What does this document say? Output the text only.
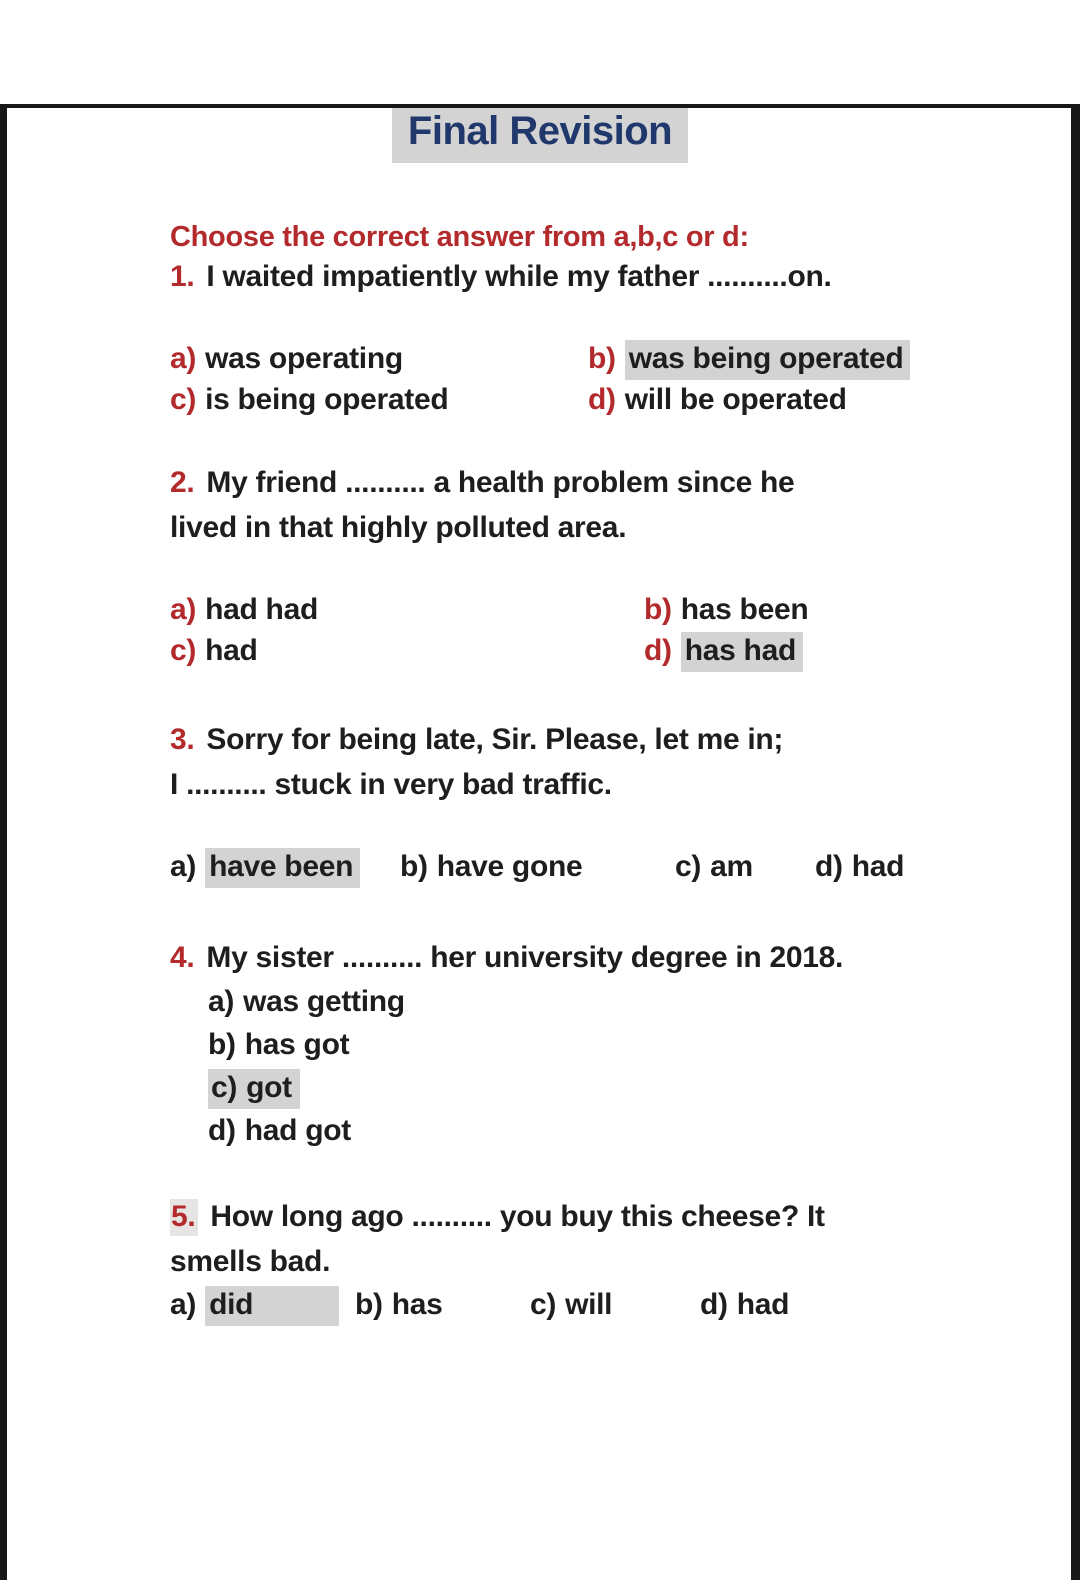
Final Revision
Choose the correct answer from a,b,c or d:

1. I waited impatiently while my father ..........on.

a) was operating	b) was being operated
c) is being operated	d) will be operated

2. My friend .......... a health problem since he

lived in that highly polluted area.

a) had had	b) has been
c) had	d) has had

3. Sorry for being late, Sir. Please, let me in;

I .......... stuck in very bad traffic.

a) have been	b) have gone	c) am	d) had

4. My sister .......... her university degree in 2018.

a) was getting
b) has got
c) got
d) had got

5. How long ago .......... you buy this cheese? It

smells bad.

a) did	b) has	c) will	d) had
